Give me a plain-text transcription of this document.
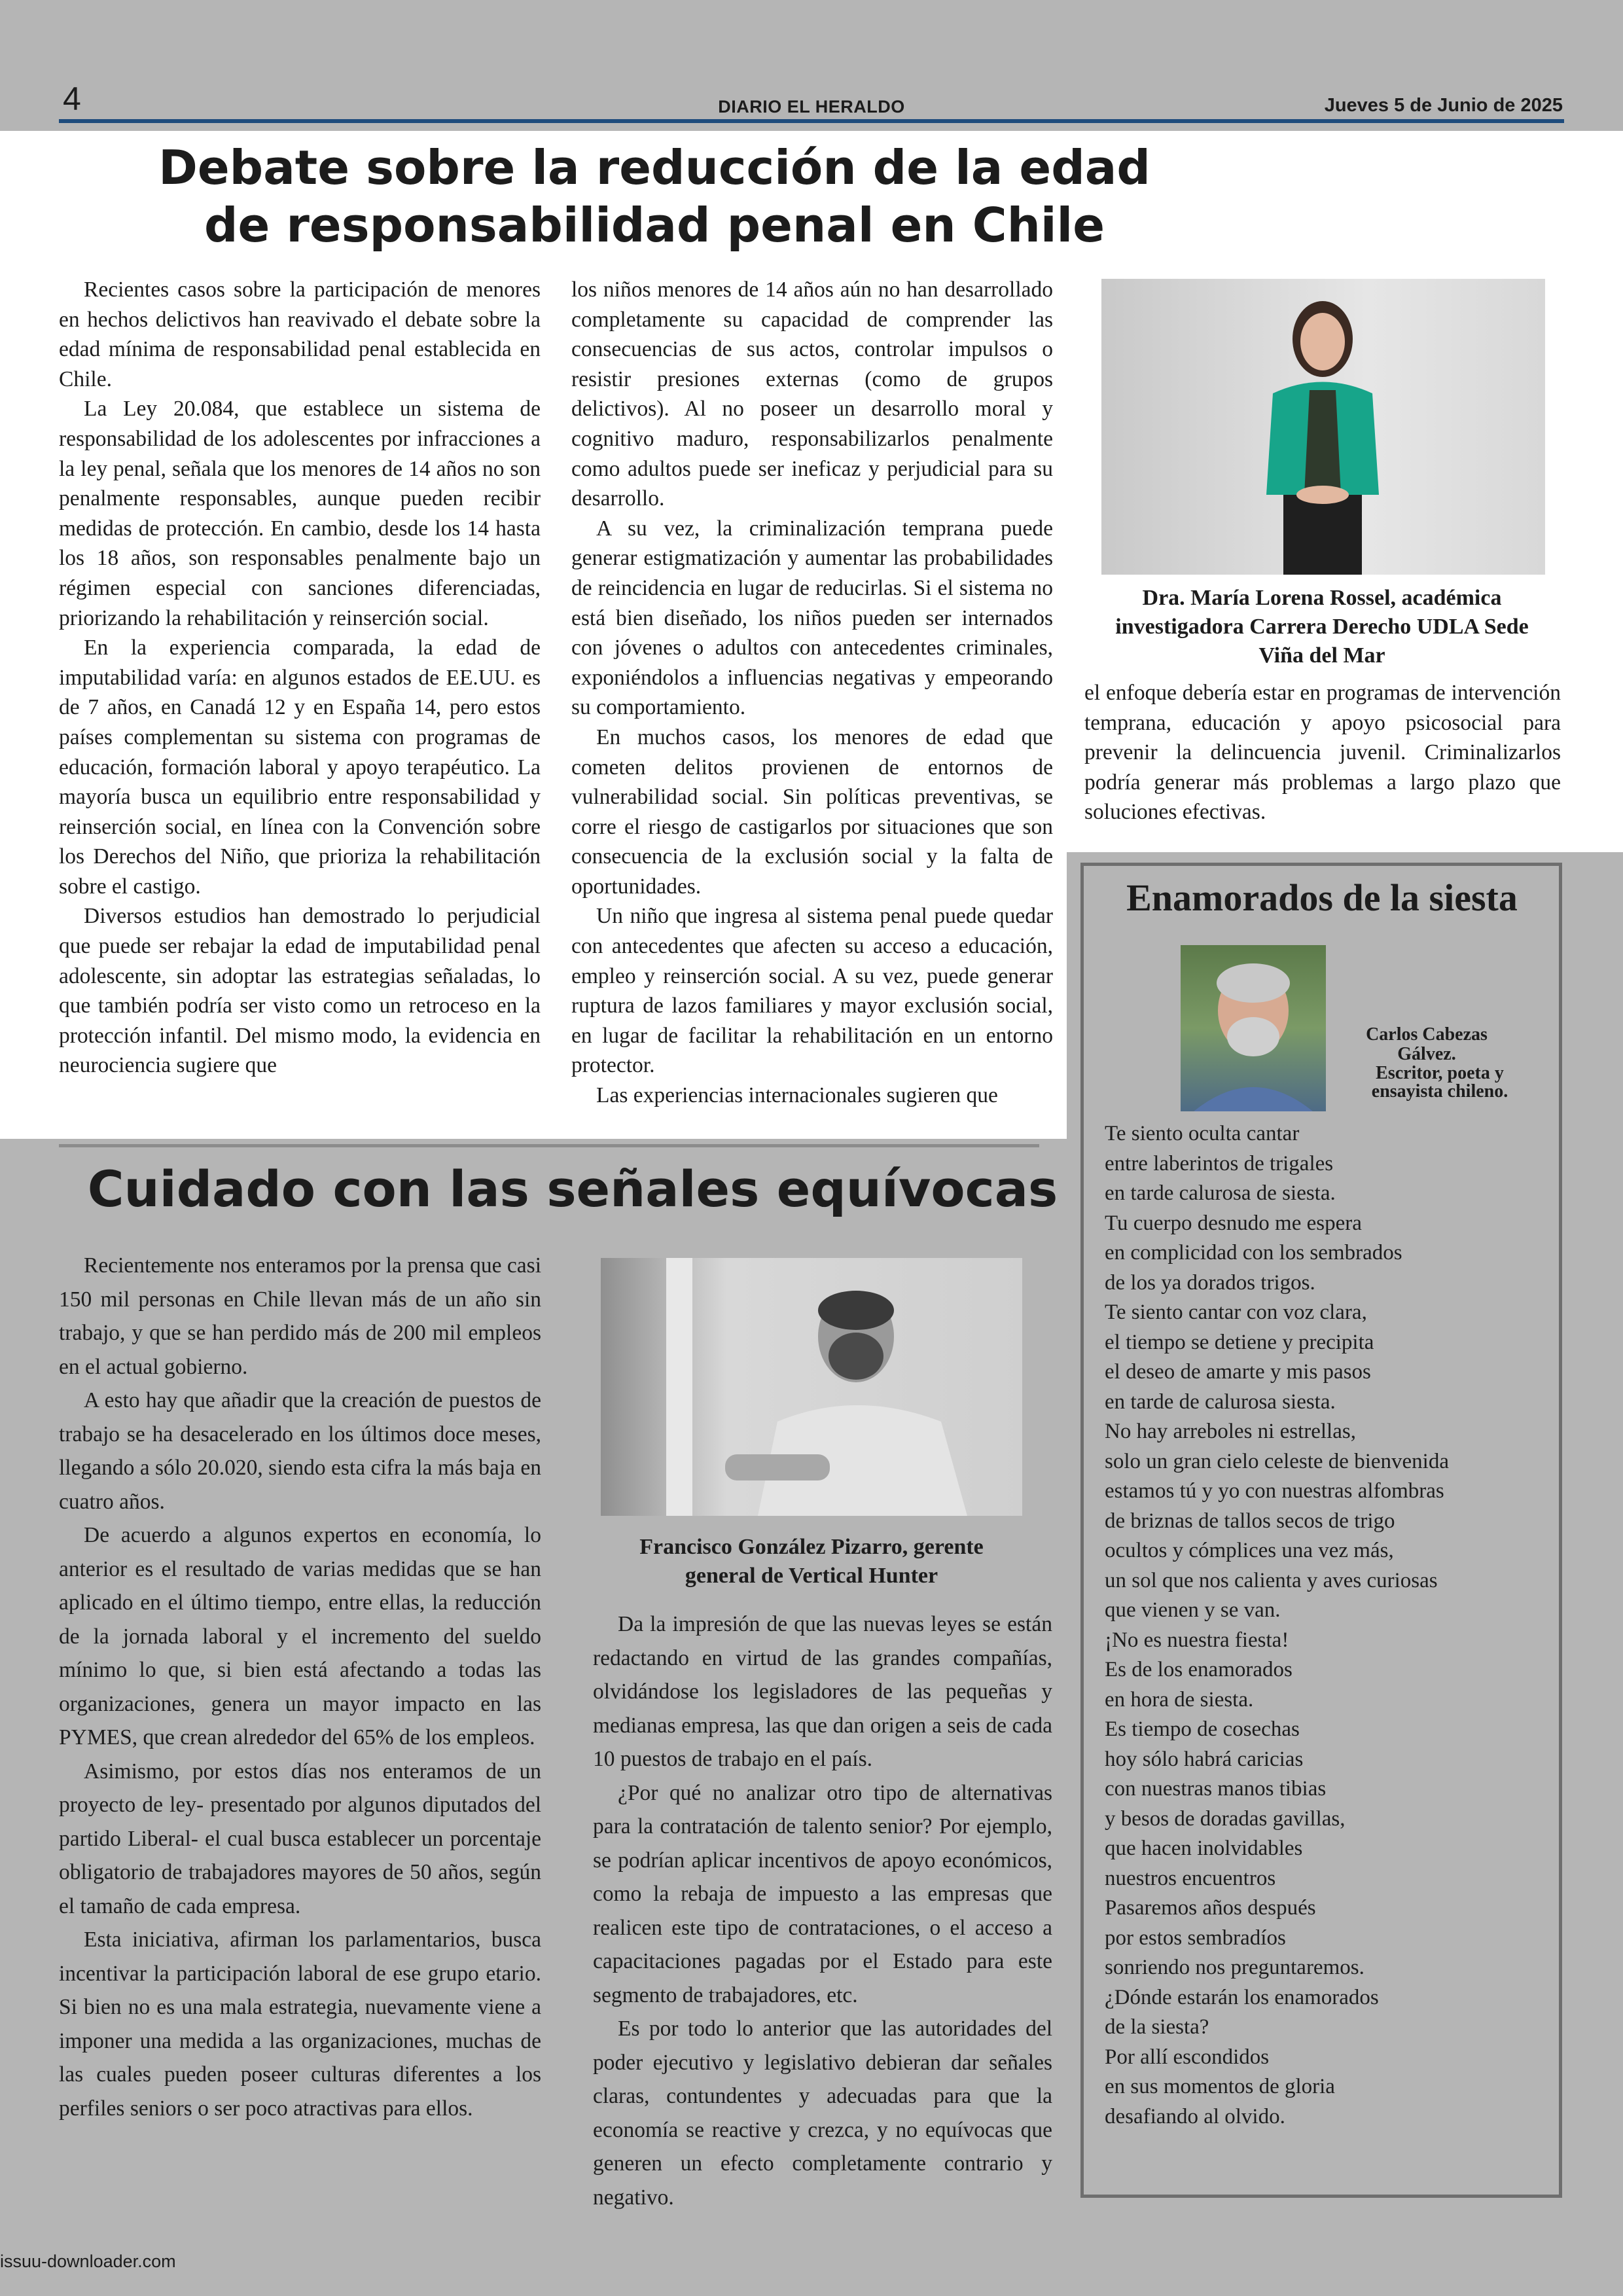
4	DIARIO EL HERALDO	Jueves 5 de Junio de 2025
Debate sobre la reducción de la edad
de responsabilidad penal en Chile

Recientes casos sobre la participación de menores en hechos delictivos han reavivado el debate sobre la edad mínima de responsabilidad penal establecida en Chile.

La Ley 20.084, que establece un sistema de responsabilidad de los adolescentes por infracciones a la ley penal, señala que los menores de 14 años no son penalmente responsables, aunque pueden recibir medidas de protección. En cambio, desde los 14 hasta los 18 años, son responsables penalmente bajo un régimen especial con sanciones diferenciadas, priorizando la rehabilitación y reinserción social.

En la experiencia comparada, la edad de imputabilidad varía: en algunos estados de EE.UU. es de 7 años, en Canadá 12 y en España 14, pero estos países complementan su sistema con programas de educación, formación laboral y apoyo terapéutico. La mayoría busca un equilibrio entre responsabilidad y reinserción social, en línea con la Convención sobre los Derechos del Niño, que prioriza la rehabilitación sobre el castigo.

Diversos estudios han demostrado lo perjudicial que puede ser rebajar la edad de imputabilidad penal adolescente, sin adoptar las estrategias señaladas, lo que también podría ser visto como un retroceso en la protección infantil. Del mismo modo, la evidencia en neurociencia sugiere que

los niños menores de 14 años aún no han desarrollado completamente su capacidad de comprender las consecuencias de sus actos, controlar impulsos o resistir presiones externas (como de grupos delictivos). Al no poseer un desarrollo moral y cognitivo maduro, responsabilizarlos penalmente como adultos puede ser ineficaz y perjudicial para su desarrollo.

A su vez, la criminalización temprana puede generar estigmatización y aumentar las probabilidades de reincidencia en lugar de reducirlas. Si el sistema no está bien diseñado, los niños pueden ser internados con jóvenes o adultos con antecedentes criminales, exponiéndolos a influencias negativas y empeorando su comportamiento.

En muchos casos, los menores de edad que cometen delitos provienen de entornos de vulnerabilidad social. Sin políticas preventivas, se corre el riesgo de castigarlos por situaciones que son consecuencia de la exclusión social y la falta de oportunidades.

Un niño que ingresa al sistema penal puede quedar con antecedentes que afecten su acceso a educación, empleo y reinserción social. A su vez, puede generar ruptura de lazos familiares y mayor exclusión social, en lugar de facilitar la rehabilitación en un entorno protector.

Las experiencias internacionales sugieren que

Dra. María Lorena Rossel, académica
investigadora Carrera Derecho UDLA Sede
Viña del Mar

el enfoque debería estar en programas de intervención temprana, educación y apoyo psicosocial para prevenir la delincuencia juvenil. Criminalizarlos podría generar más problemas a largo plazo que soluciones efectivas.

Cuidado con las señales equívocas

Recientemente nos enteramos por la prensa que casi 150 mil personas en Chile llevan más de un año sin trabajo, y que se han perdido más de 200 mil empleos en el actual gobierno.

A esto hay que añadir que la creación de puestos de trabajo se ha desacelerado en los últimos doce meses, llegando a sólo 20.020, siendo esta cifra la más baja en cuatro años.

De acuerdo a algunos expertos en economía, lo anterior es el resultado de varias medidas que se han aplicado en el último tiempo, entre ellas, la reducción de la jornada laboral y el incremento del sueldo mínimo lo que, si bien está afectando a todas las organizaciones, genera un mayor impacto en las PYMES, que crean alrededor del 65% de los empleos.

Asimismo, por estos días nos enteramos de un proyecto de ley- presentado por algunos diputados del partido Liberal- el cual busca establecer un porcentaje obligatorio de trabajadores mayores de 50 años, según el tamaño de cada empresa.

Esta iniciativa, afirman los parlamentarios, busca incentivar la participación laboral de ese grupo etario. Si bien no es una mala estrategia, nuevamente viene a imponer una medida a las organizaciones, muchas de las cuales pueden poseer culturas diferentes a los perfiles seniors o ser poco atractivas para ellos.

Francisco González Pizarro, gerente
general de Vertical Hunter

Da la impresión de que las nuevas leyes se están redactando en virtud de las grandes compañías, olvidándose los legisladores de las pequeñas y medianas empresa, las que dan origen a seis de cada 10 puestos de trabajo en el país.

¿Por qué no analizar otro tipo de alternativas para la contratación de talento senior? Por ejemplo, se podrían aplicar incentivos de apoyo económicos, como la rebaja de impuesto a las empresas que realicen este tipo de contrataciones, o el acceso a capacitaciones pagadas por el Estado para este segmento de trabajadores, etc.

Es por todo lo anterior que las autoridades del poder ejecutivo y legislativo debieran dar señales claras, contundentes y adecuadas para que la economía se reactive y crezca, y no equívocas que generen un efecto completamente contrario y negativo.

Enamorados de la siesta
Carlos Cabezas
Gálvez.
Escritor, poeta y
ensayista chileno.
Te siento oculta cantar
entre laberintos de trigales
en tarde calurosa de siesta.
Tu cuerpo desnudo me espera
en complicidad con los sembrados
de los ya dorados trigos.
Te siento cantar con voz clara,
el tiempo se detiene y precipita
el deseo de amarte y mis pasos
en tarde de calurosa siesta.
No hay arreboles ni estrellas,
solo un gran cielo celeste de bienvenida
estamos tú y yo con nuestras alfombras
de briznas de tallos secos de trigo
ocultos y cómplices una vez más,
un sol que nos calienta y aves curiosas
que vienen y se van.
¡No es nuestra fiesta!
Es de los enamorados
en hora de siesta.
Es tiempo de cosechas
hoy sólo habrá caricias
con nuestras manos tibias
y besos de doradas gavillas,
que hacen inolvidables
nuestros encuentros
Pasaremos años después
por estos sembradíos
sonriendo nos preguntaremos.
¿Dónde estarán los enamorados
de la siesta?
Por allí escondidos
en sus momentos de gloria
desafiando al olvido.
issuu-downloader.com
